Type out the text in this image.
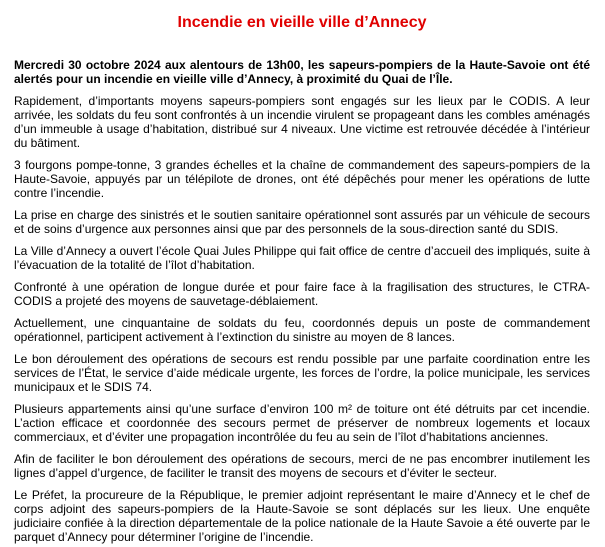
Incendie en vieille ville d’Annecy

Mercredi 30 octobre 2024 aux alentours de 13h00, les sapeurs-pompiers de la Haute-Savoie ont été alertés pour un incendie en vieille ville d’Annecy, à proximité du Quai de l’Île.

Rapidement, d’importants moyens sapeurs-pompiers sont engagés sur les lieux par le CODIS. A leur arrivée, les soldats du feu sont confrontés à un incendie virulent se propageant dans les combles aménagés d’un immeuble à usage d’habitation, distribué sur 4 niveaux. Une victime est retrouvée décédée à l’intérieur du bâtiment.

3 fourgons pompe-tonne, 3 grandes échelles et la chaîne de commandement des sapeurs-pompiers de la Haute-Savoie, appuyés par un télépilote de drones, ont été dépêchés pour mener les opérations de lutte contre l’incendie.

La prise en charge des sinistrés et le soutien sanitaire opérationnel sont assurés par un véhicule de secours et de soins d’urgence aux personnes ainsi que par des personnels de la sous-direction santé du SDIS.

La Ville d’Annecy a ouvert l’école Quai Jules Philippe qui fait office de centre d’accueil des impliqués, suite à l’évacuation de la totalité de l’îlot d’habitation.

Confronté à une opération de longue durée et pour faire face à la fragilisation des structures, le CTRA-CODIS a projeté des moyens de sauvetage-déblaiement.

Actuellement, une cinquantaine de soldats du feu, coordonnés depuis un poste de commandement opérationnel, participent activement à l’extinction du sinistre au moyen de 8 lances.

Le bon déroulement des opérations de secours est rendu possible par une parfaite coordination entre les services de l’État, le service d’aide médicale urgente, les forces de l’ordre, la police municipale, les services municipaux et le SDIS 74.

Plusieurs appartements ainsi qu’une surface d’environ 100 m² de toiture ont été détruits par cet incendie. L’action efficace et coordonnée des secours permet de préserver de nombreux logements et locaux commerciaux, et d’éviter une propagation incontrôlée du feu au sein de l’îlot d’habitations anciennes.

Afin de faciliter le bon déroulement des opérations de secours, merci de ne pas encombrer inutilement les lignes d’appel d’urgence, de faciliter le transit des moyens de secours et d’éviter le secteur.

Le Préfet, la procureure de la République, le premier adjoint représentant le maire d’Annecy et le chef de corps adjoint des sapeurs-pompiers de la Haute-Savoie se sont déplacés sur les lieux. Une enquête judiciaire confiée à la direction départementale de la police nationale de la Haute Savoie a été ouverte par le parquet d’Annecy pour déterminer l’origine de l’incendie.
